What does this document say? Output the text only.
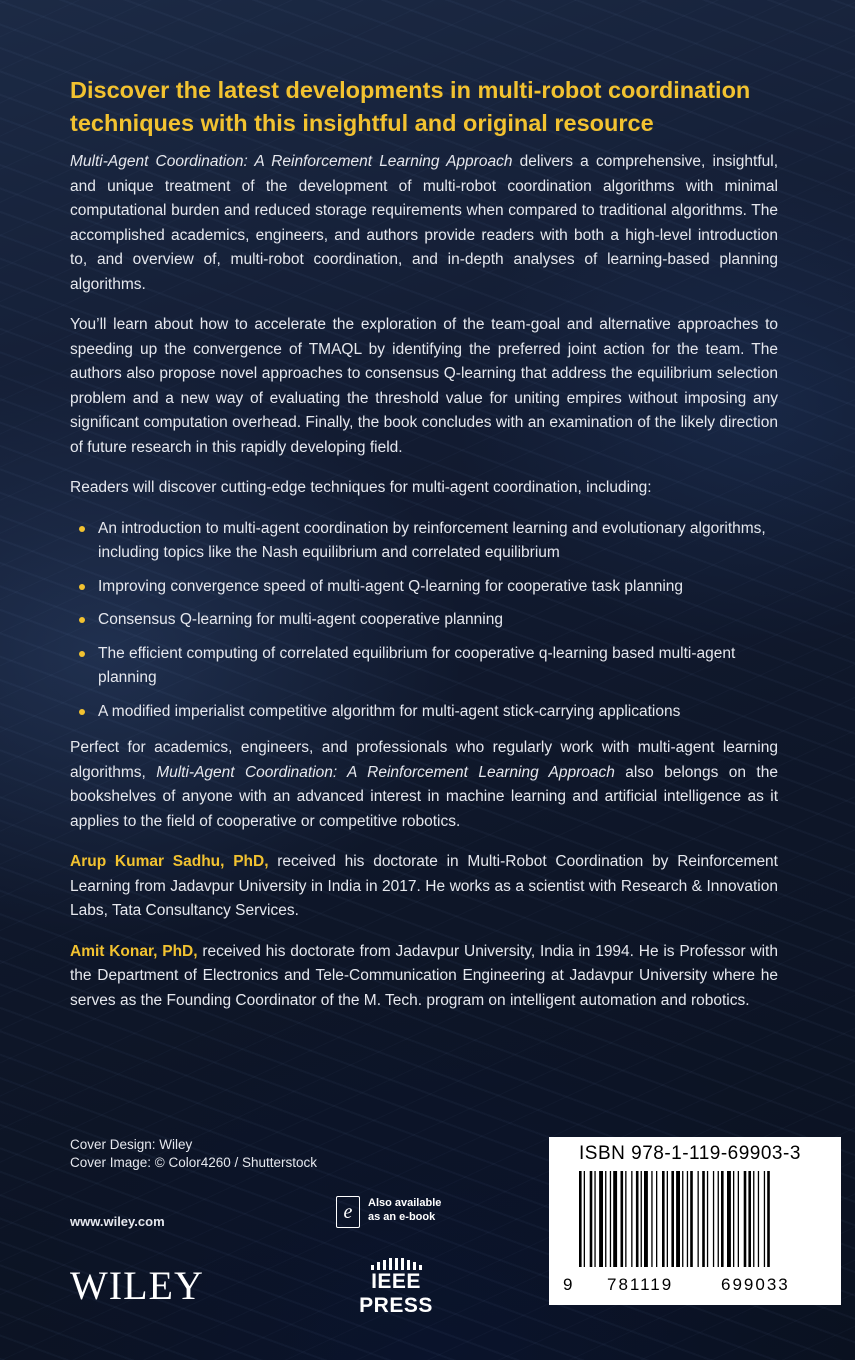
Discover the latest developments in multi-robot coordination techniques with this insightful and original resource

Multi-Agent Coordination: A Reinforcement Learning Approach delivers a comprehensive, insightful, and unique treatment of the development of multi-robot coordination algorithms with minimal computational burden and reduced storage requirements when compared to traditional algorithms. The accomplished academics, engineers, and authors provide readers with both a high-level introduction to, and overview of, multi-robot coordination, and in-depth analyses of learning-based planning algorithms.

You’ll learn about how to accelerate the exploration of the team-goal and alternative approaches to speeding up the convergence of TMAQL by identifying the preferred joint action for the team. The authors also propose novel approaches to consensus Q-learning that address the equilibrium selection problem and a new way of evaluating the threshold value for uniting empires without imposing any significant computation overhead. Finally, the book concludes with an examination of the likely direction of future research in this rapidly developing field.

Readers will discover cutting-edge techniques for multi-agent coordination, including:

An introduction to multi-agent coordination by reinforcement learning and evolutionary algorithms, including topics like the Nash equilibrium and correlated equilibrium
Improving convergence speed of multi-agent Q-learning for cooperative task planning
Consensus Q-learning for multi-agent cooperative planning
The efficient computing of correlated equilibrium for cooperative q-learning based multi-agent planning
A modified imperialist competitive algorithm for multi-agent stick-carrying applications

Perfect for academics, engineers, and professionals who regularly work with multi-agent learning algorithms, Multi-Agent Coordination: A Reinforcement Learning Approach also belongs on the bookshelves of anyone with an advanced interest in machine learning and artificial intelligence as it applies to the field of cooperative or competitive robotics.

Arup Kumar Sadhu, PhD, received his doctorate in Multi-Robot Coordination by Reinforcement Learning from Jadavpur University in India in 2017. He works as a scientist with Research & Innovation Labs, Tata Consultancy Services.

Amit Konar, PhD, received his doctorate from Jadavpur University, India in 1994. He is Professor with the Department of Electronics and Tele-Communication Engineering at Jadavpur University where he serves as the Founding Coordinator of the M. Tech. program on intelligent automation and robotics.

Cover Design: Wiley
Cover Image: © Color4260 / Shutterstock
www.wiley.com
WILEY
e	Also available
as an e-book
IEEE PRESS
ISBN 978-1-119-69903-3
9 781119	699033
